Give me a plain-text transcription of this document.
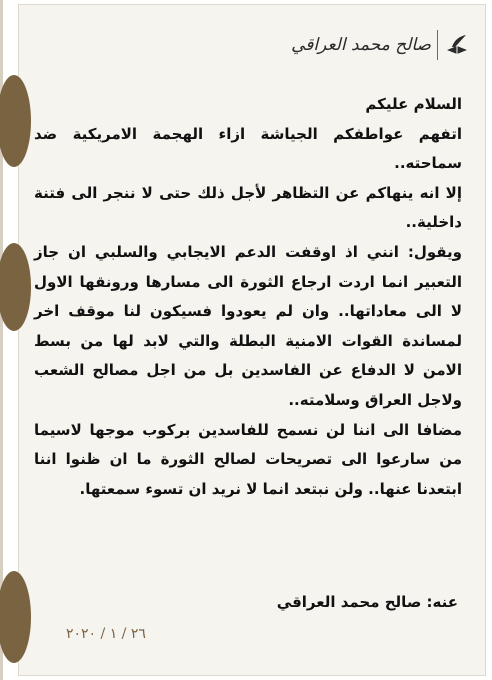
صالح محمد العراقي

السلام عليكم

اتفهم عواطفكم الجياشة ازاء الهجمة الامريكية ضد سماحته..

إلا انه ينهاكم عن التظاهر لأجل ذلك حتى لا ننجر الى فتنة داخلية..

ويقول: انني اذ اوقفت الدعم الايجابي والسلبي ان جاز التعبير انما اردت ارجاع الثورة الى مسارها ورونقها الاول لا الى معاداتها.. وان لم يعودوا فسيكون لنا موقف اخر لمساندة القوات الامنية البطلة والتي لابد لها من بسط الامن لا الدفاع عن الفاسدين بل من اجل مصالح الشعب ولاجل العراق وسلامته..

مضافا الى اننا لن نسمح للفاسدين بركوب موجها لاسيما من سارعوا الى تصريحات لصالح الثورة ما ان ظنوا اننا ابتعدنا عنها.. ولن نبتعد انما لا نريد ان تسوء سمعتها.

عنه: صالح محمد العراقي
٢٦ / ١ / ٢٠٢٠
